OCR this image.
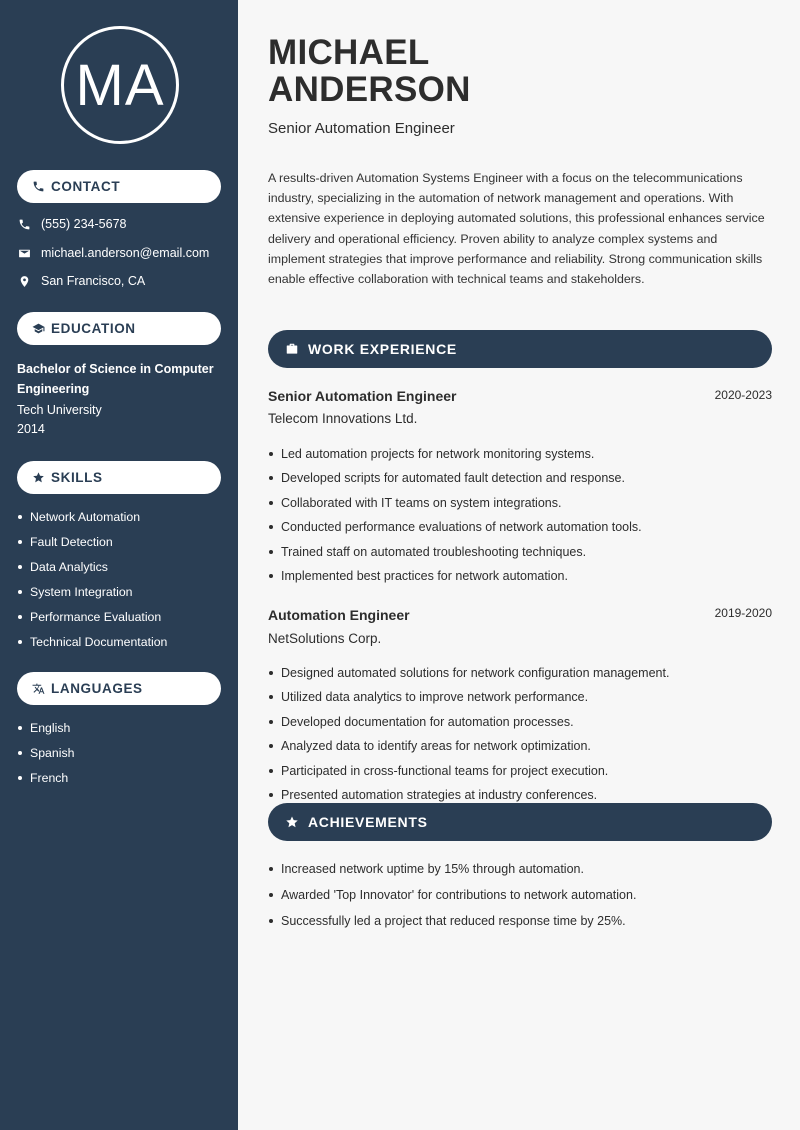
MA
CONTACT
(555) 234-5678
michael.anderson@email.com
San Francisco, CA
EDUCATION
Bachelor of Science in Computer Engineering
Tech University
2014
SKILLS
Network Automation
Fault Detection
Data Analytics
System Integration
Performance Evaluation
Technical Documentation
LANGUAGES
English
Spanish
French
MICHAEL
ANDERSON
Senior Automation Engineer

A results-driven Automation Systems Engineer with a focus on the telecommunications industry, specializing in the automation of network management and operations. With extensive experience in deploying automated solutions, this professional enhances service delivery and operational efficiency. Proven ability to analyze complex systems and implement strategies that improve performance and reliability. Strong communication skills enable effective collaboration with technical teams and stakeholders.

WORK EXPERIENCE
Senior Automation Engineer	2020-2023
Telecom Innovations Ltd.
Led automation projects for network monitoring systems.
Developed scripts for automated fault detection and response.
Collaborated with IT teams on system integrations.
Conducted performance evaluations of network automation tools.
Trained staff on automated troubleshooting techniques.
Implemented best practices for network automation.
Automation Engineer	2019-2020
NetSolutions Corp.
Designed automated solutions for network configuration management.
Utilized data analytics to improve network performance.
Developed documentation for automation processes.
Analyzed data to identify areas for network optimization.
Participated in cross-functional teams for project execution.
Presented automation strategies at industry conferences.
ACHIEVEMENTS
Increased network uptime by 15% through automation.
Awarded 'Top Innovator' for contributions to network automation.
Successfully led a project that reduced response time by 25%.
